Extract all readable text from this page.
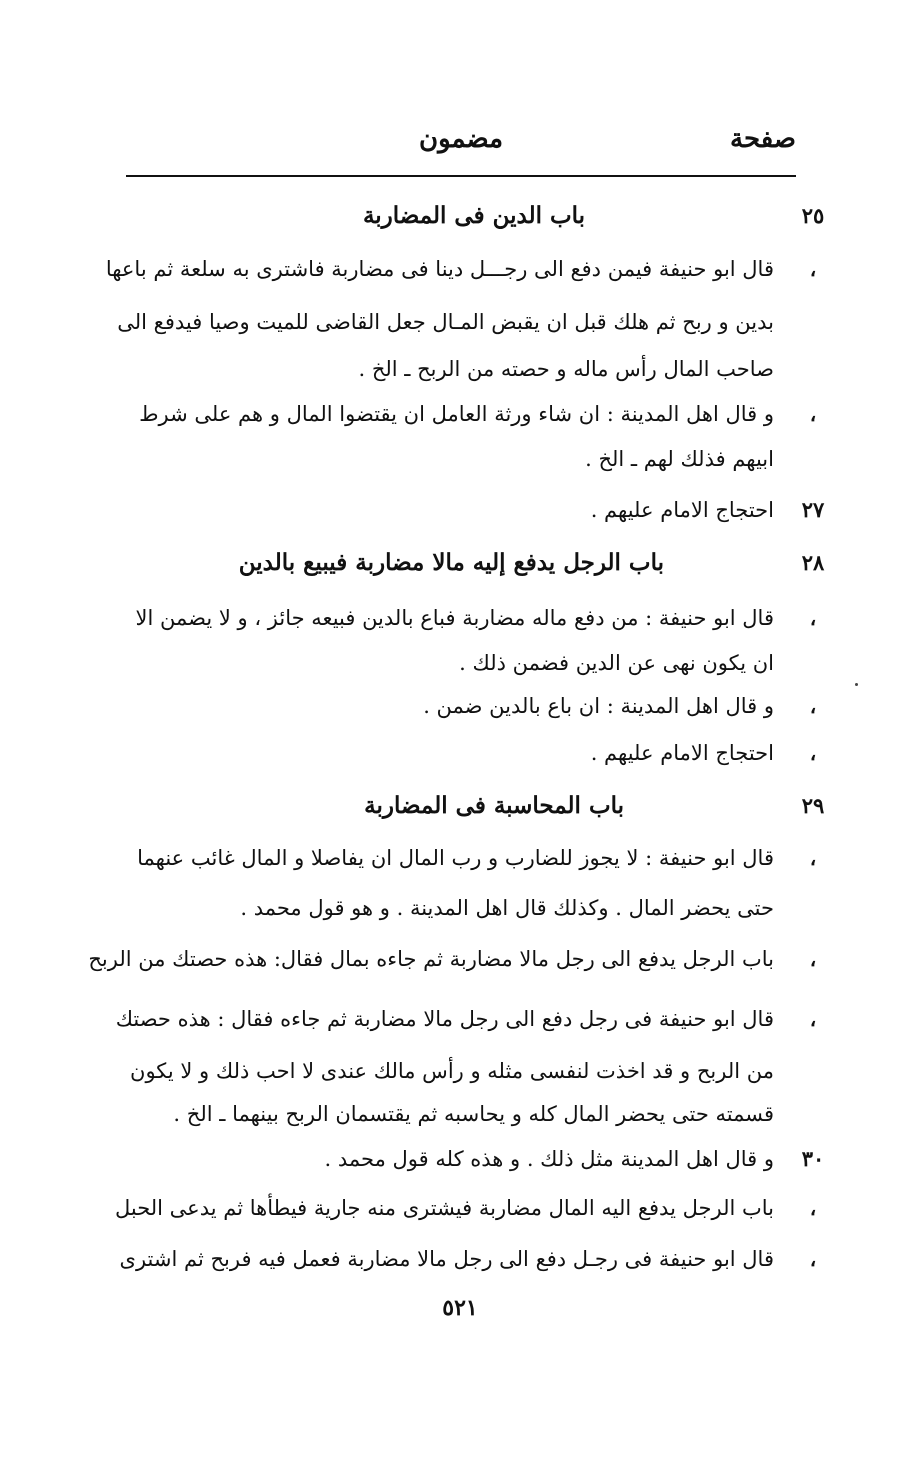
صفحة
مضمون
٢٥
باب الدين فى المضاربة
،
قال ابو حنيفة فيمن دفع الى رجـــل دينا فى مضاربة فاشترى به سلعة ثم باعها
بدين و ربح ثم هلك قبل ان يقبض المـال جعل القاضى للميت وصيا فيدفع الى
صاحب المال رأس ماله و حصته من الربح ـ الخ .
،
و قال اهل المدينة : ان شاء ورثة العامل ان يقتضوا المال و هم على شرط
ابيهم فذلك لهم ـ الخ .
٢٧
احتجاج الامام عليهم .
٢٨
باب الرجل يدفع إليه مالا مضاربة فيبيع بالدين
،
قال ابو حنيفة : من دفع ماله مضاربة فباع بالدين فبيعه جائز ، و لا يضمن الا
ان يكون نهى عن الدين فضمن ذلك .
،
و قال اهل المدينة : ان باع بالدين ضمن .
،
احتجاج الامام عليهم .
٢٩
باب المحاسبة فى المضاربة
،
قال ابو حنيفة : لا يجوز للضارب و رب المال ان يفاصلا و المال غائب عنهما
حتى يحضر المال . وكذلك قال اهل المدينة . و هو قول محمد .
،
باب الرجل يدفع الى رجل مالا مضاربة ثم جاءه بمال فقال: هذه حصتك من الربح
،
قال ابو حنيفة فى رجل دفع الى رجل مالا مضاربة ثم جاءه فقال : هذه حصتك
من الربح و قد اخذت لنفسى مثله و رأس مالك عندى لا احب ذلك و لا يكون
قسمته حتى يحضر المال كله و يحاسبه ثم يقتسمان الربح بينهما ـ الخ .
٣٠
و قال اهل المدينة مثل ذلك . و هذه كله قول محمد .
،
باب الرجل يدفع اليه المال مضاربة فيشترى منه جارية فيطأها ثم يدعى الحبل
،
قال ابو حنيفة فى رجـل دفع الى رجل مالا مضاربة فعمل فيه فربح ثم اشترى
٥٢١
